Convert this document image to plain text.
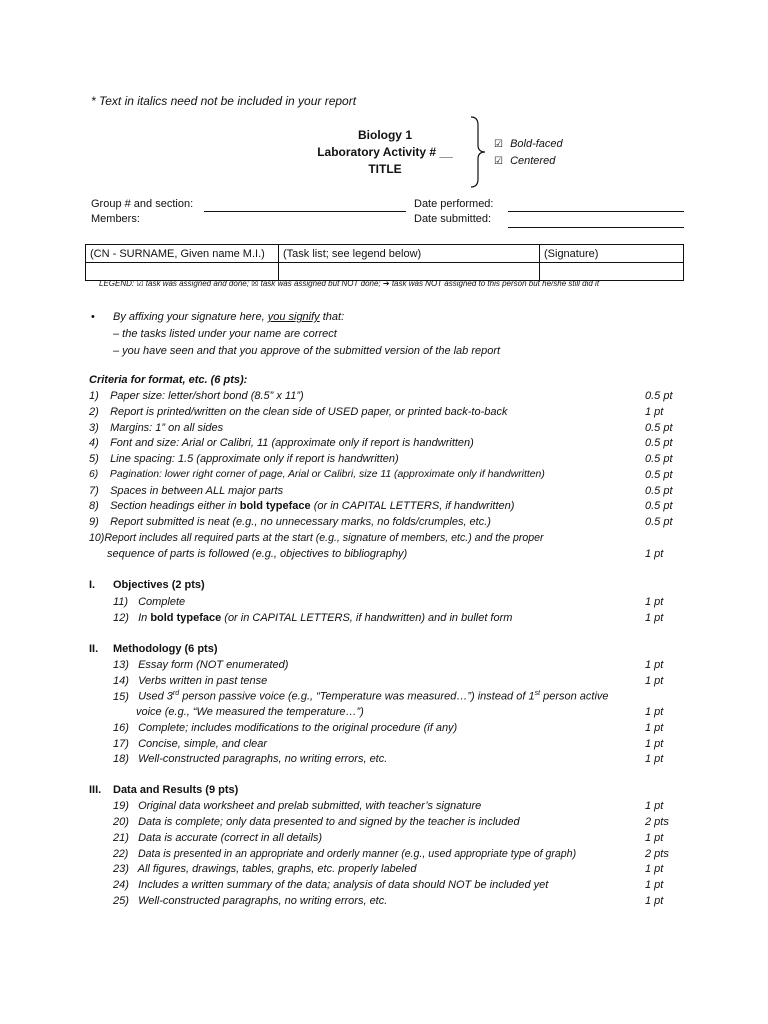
* Text in italics need not be included in your report
Biology 1
Laboratory Activity # __
TITLE
☑ Bold-faced
☑ Centered
Group # and section:
Members:
Date performed:
Date submitted:
(CN - SURNAME, Given name M.I.)	(Task list; see legend below)	(Signature)

LEGEND: ☑ task was assigned and done; ☒ task was assigned but NOT done; ➔ task was NOT assigned to this person but he/she still did it
• By affixing your signature here, you signify that:
– the tasks listed under your name are correct
– you have seen and that you approve of the submitted version of the lab report
Criteria for format, etc. (6 pts):
1) Paper size: letter/short bond (8.5” x 11”)	0.5 pt
2) Report is printed/written on the clean side of USED paper, or printed back-to-back	1 pt
3) Margins: 1” on all sides	0.5 pt
4) Font and size: Arial or Calibri, 11 (approximate only if report is handwritten)	0.5 pt
5) Line spacing: 1.5 (approximate only if report is handwritten)	0.5 pt
6) Pagination: lower right corner of page, Arial or Calibri, size 11 (approximate only if handwritten)	0.5 pt
7) Spaces in between ALL major parts	0.5 pt
8) Section headings either in bold typeface (or in CAPITAL LETTERS, if handwritten)	0.5 pt
9) Report submitted is neat (e.g., no unnecessary marks, no folds/crumples, etc.)	0.5 pt
10)Report includes all required parts at the start (e.g., signature of members, etc.) and the proper
sequence of parts is followed (e.g., objectives to bibliography)	1 pt
I. Objectives (2 pts)
11) Complete	1 pt
12) In bold typeface (or in CAPITAL LETTERS, if handwritten) and in bullet form	1 pt
II. Methodology (6 pts)
13) Essay form (NOT enumerated)	1 pt
14) Verbs written in past tense	1 pt
15) Used 3rd person passive voice (e.g., “Temperature was measured…”) instead of 1st person active
voice (e.g., “We measured the temperature…”)	1 pt
16) Complete; includes modifications to the original procedure (if any)	1 pt
17) Concise, simple, and clear	1 pt
18) Well-constructed paragraphs, no writing errors, etc.	1 pt
III. Data and Results (9 pts)
19) Original data worksheet and prelab submitted, with teacher’s signature	1 pt
20) Data is complete; only data presented to and signed by the teacher is included	2 pts
21) Data is accurate (correct in all details)	1 pt
22) Data is presented in an appropriate and orderly manner (e.g., used appropriate type of graph)	2 pts
23) All figures, drawings, tables, graphs, etc. properly labeled	1 pt
24) Includes a written summary of the data; analysis of data should NOT be included yet	1 pt
25) Well-constructed paragraphs, no writing errors, etc.	1 pt
